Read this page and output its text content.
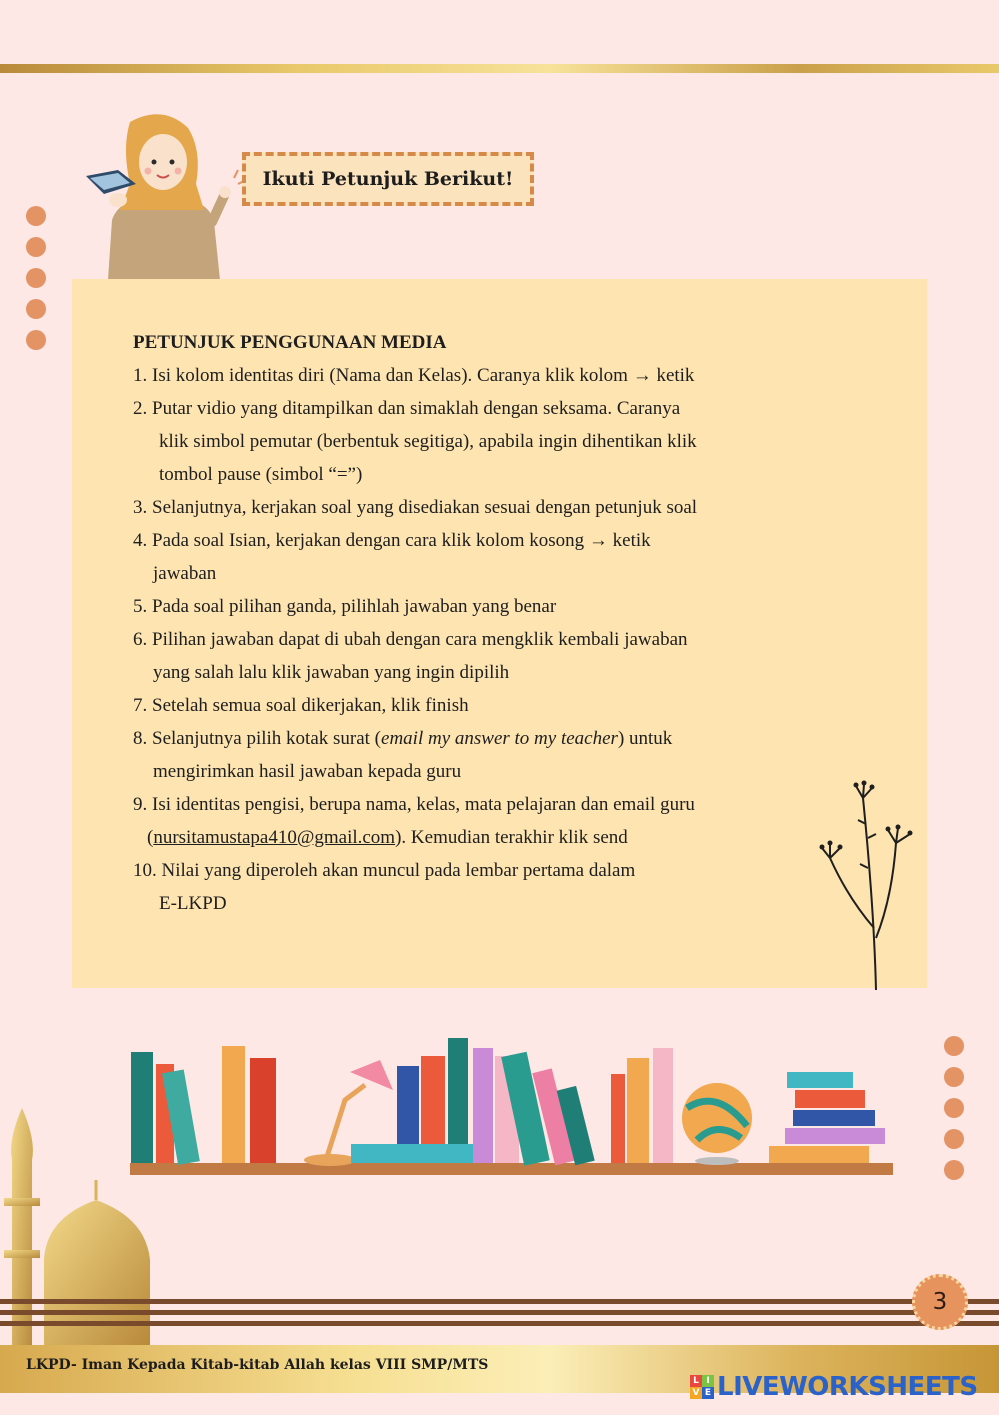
Ikuti Petunjuk Berikut!
PETUNJUK PENGGUNAAN MEDIA
1. Isi kolom identitas diri (Nama dan Kelas). Caranya klik kolom → ketik
2. Putar vidio yang ditampilkan dan simaklah dengan seksama. Caranya
klik simbol pemutar (berbentuk segitiga), apabila ingin dihentikan klik
tombol pause (simbol “=”)
3. Selanjutnya, kerjakan soal yang disediakan sesuai dengan petunjuk soal
4. Pada soal Isian, kerjakan dengan cara klik kolom kosong → ketik
jawaban
5. Pada soal pilihan ganda, pilihlah jawaban yang benar
6. Pilihan jawaban dapat di ubah dengan cara mengklik kembali jawaban
yang salah lalu klik jawaban yang ingin dipilih
7. Setelah semua soal dikerjakan, klik finish
8. Selanjutnya pilih kotak surat (email my answer to my teacher) untuk
mengirimkan hasil jawaban kepada guru
9. Isi identitas pengisi, berupa nama, kelas, mata pelajaran dan email guru
(nursitamustapa410@gmail.com). Kemudian terakhir klik send
10. Nilai yang diperoleh akan muncul pada lembar pertama dalam
E-LKPD
3
LKPD- Iman Kepada Kitab-kitab Allah kelas VIII SMP/MTS
L I
V E LIVEWORKSHEETS
